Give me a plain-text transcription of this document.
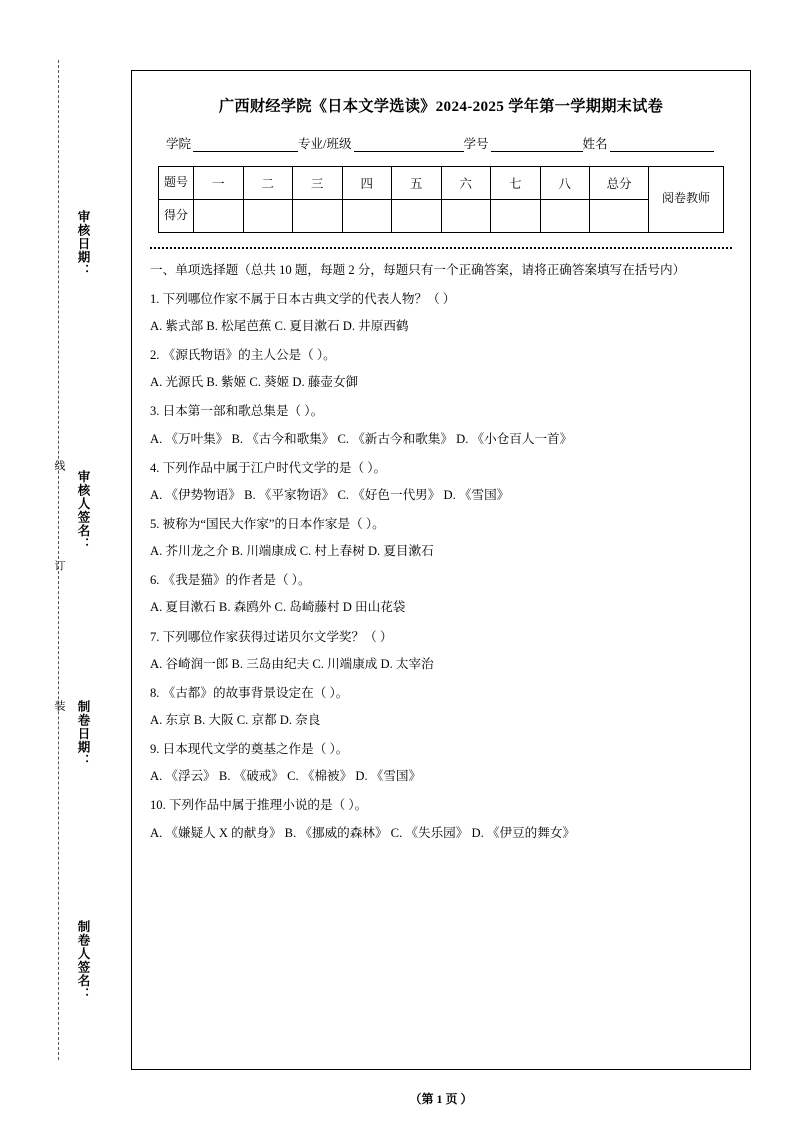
审核日期：
审核人签名：
制卷日期：
制卷人签名：
线
订
装
广西财经学院《日本文学选读》2024‑2025 学年第一学期期末试卷
学院	专业/班级	学号	姓名
题号	一	二	三	四	五	六	七	八	总分	阅卷教师

得分										

一、单项选择题（总共 10 题，每题 2 分，每题只有一个正确答案，请将正确答案填写在括号内）
1. 下列哪位作家不属于日本古典文学的代表人物？（ ）
A. 紫式部 B. 松尾芭蕉 C. 夏目漱石 D. 井原西鹤
2. 《源氏物语》的主人公是（ ）。
A. 光源氏 B. 紫姬 C. 葵姬 D. 藤壶女御
3. 日本第一部和歌总集是（ ）。
A. 《万叶集》 B. 《古今和歌集》 C. 《新古今和歌集》 D. 《小仓百人一首》
4. 下列作品中属于江户时代文学的是（ ）。
A. 《伊势物语》 B. 《平家物语》 C. 《好色一代男》 D. 《雪国》
5. 被称为“国民大作家”的日本作家是（ ）。
A. 芥川龙之介 B. 川端康成 C. 村上春树 D. 夏目漱石
6. 《我是猫》的作者是（ ）。
A. 夏目漱石 B. 森鸥外 C. 岛崎藤村 D 田山花袋
7. 下列哪位作家获得过诺贝尔文学奖？（ ）
A. 谷崎润一郎 B. 三岛由纪夫 C. 川端康成 D. 太宰治
8. 《古都》的故事背景设定在（ ）。
A. 东京 B. 大阪 C. 京都 D. 奈良
9. 日本现代文学的奠基之作是（ ）。
A. 《浮云》 B. 《破戒》 C. 《棉被》 D. 《雪国》
10. 下列作品中属于推理小说的是（ ）。
A. 《嫌疑人 X 的献身》 B. 《挪威的森林》 C. 《失乐园》 D. 《伊豆的舞女》
（第 1 页 ）
